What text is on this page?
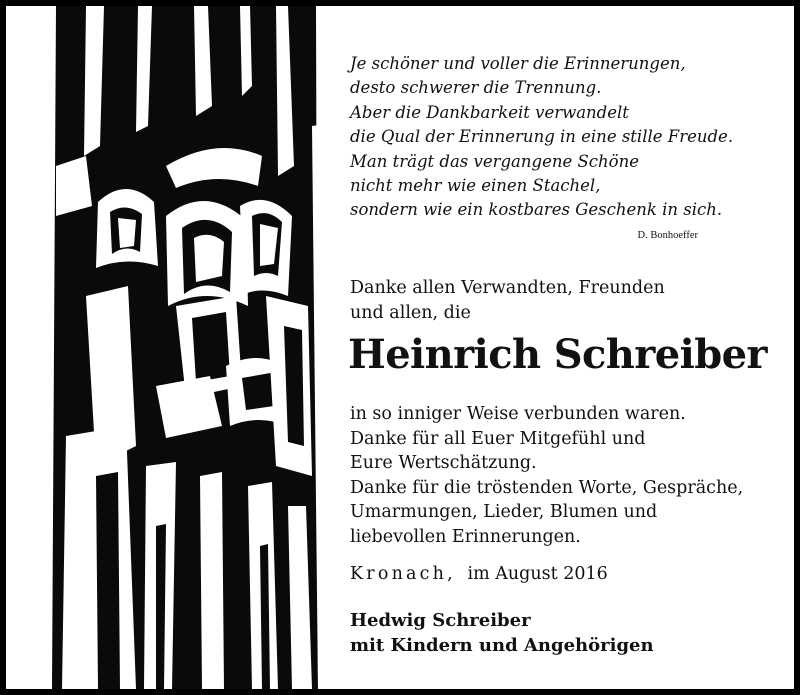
Je schöner und voller die Erinnerungen,
desto schwerer die Trennung.
Aber die Dankbarkeit verwandelt
die Qual der Erinnerung in eine stille Freude.
Man trägt das vergangene Schöne
nicht mehr wie einen Stachel,
sondern wie ein kostbares Geschenk in sich.
D. Bonhoeffer
Danke allen Verwandten, Freunden
und allen, die
Heinrich Schreiber
in so inniger Weise verbunden waren.
Danke für all Euer Mitgefühl und
Eure Wertschätzung.
Danke für die tröstenden Worte, Gespräche,
Umarmungen, Lieder, Blumen und
liebevollen Erinnerungen.
Kronach, im August 2016
Hedwig Schreiber
mit Kindern und Angehörigen
